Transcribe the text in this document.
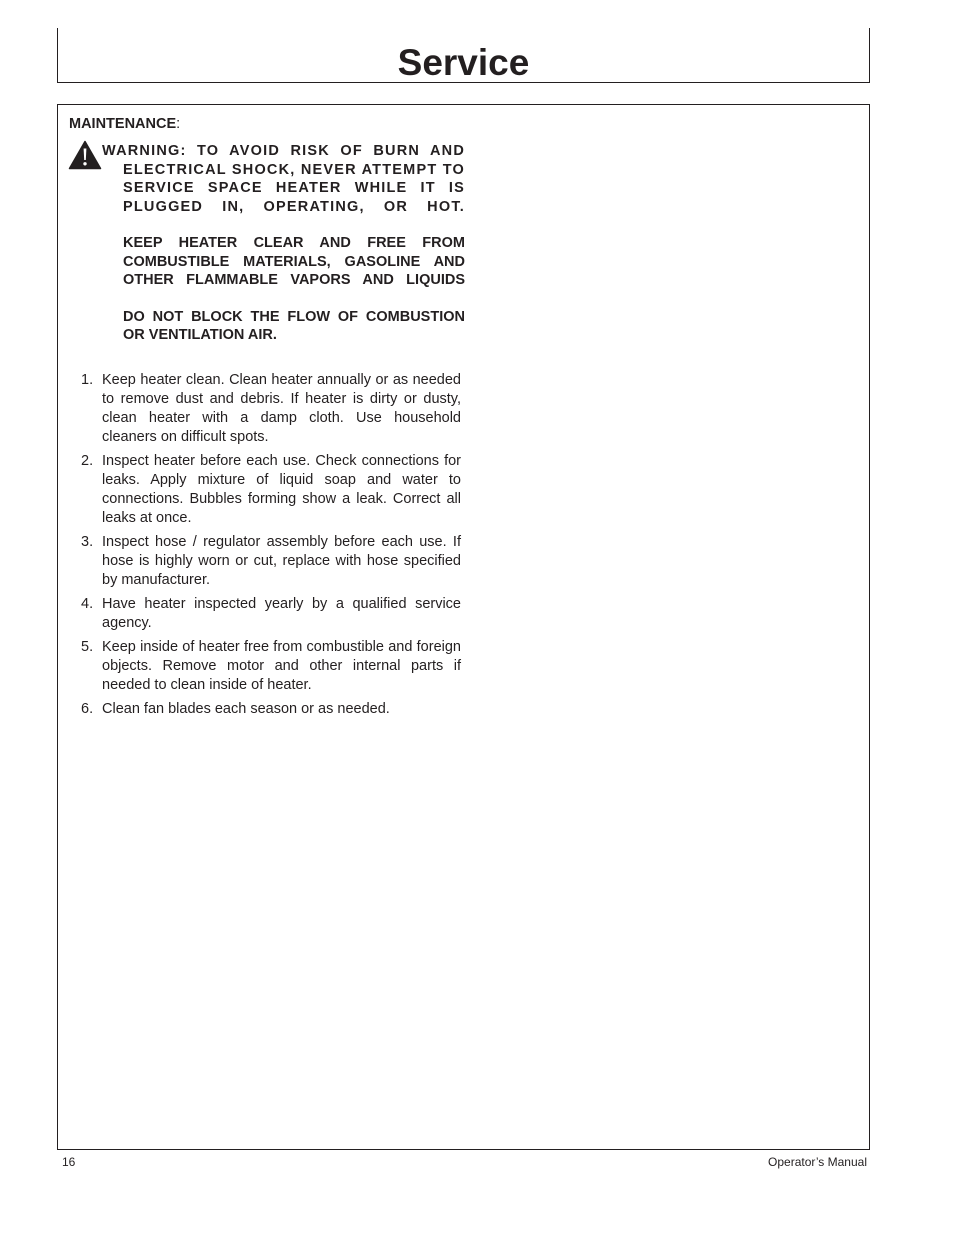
Service

MAINTENANCE:

WARNING: TO AVOID RISK OF BURN AND ELECTRICAL SHOCK, NEVER ATTEMPT TO SERVICE SPACE HEATER WHILE IT IS PLUGGED IN, OPERATING, OR HOT.

KEEP HEATER CLEAR AND FREE FROM COMBUSTIBLE MATERIALS, GASOLINE AND OTHER FLAMMABLE VAPORS AND LIQUIDS

DO NOT BLOCK THE FLOW OF COMBUSTION OR VENTILATION AIR.

1. Keep heater clean. Clean heater annually or as needed to remove dust and debris. If heater is dirty or dusty, clean heater with a damp cloth. Use household cleaners on difficult spots.
2. Inspect heater before each use. Check connections for leaks. Apply mixture of liquid soap and water to connections. Bubbles forming show a leak. Correct all leaks at once.
3. Inspect hose / regulator assembly before each use. If hose is highly worn or cut, replace with hose specified by manufacturer.
4. Have heater inspected yearly by a qualified service agency.
5. Keep inside of heater free from combustible and foreign objects. Remove motor and other internal parts if needed to clean inside of heater.
6. Clean fan blades each season or as needed.
16	Operator’s Manual
